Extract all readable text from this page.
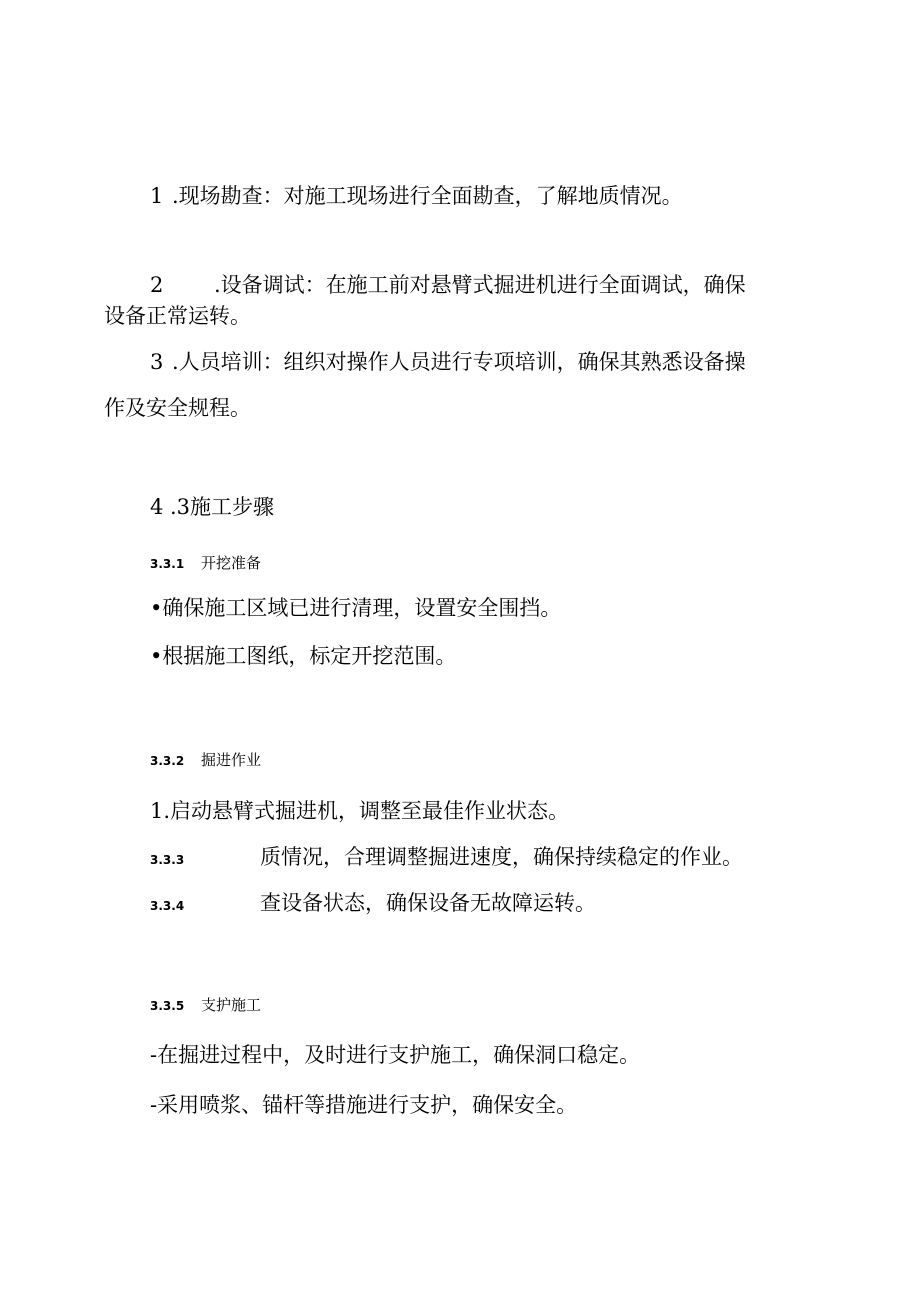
1 .现场勘查：对施工现场进行全面勘查，了解地质情况。
2 .设备调试：在施工前对悬臂式掘进机进行全面调试，确保
设备正常运转。
3 .人员培训：组织对操作人员进行专项培训，确保其熟悉设备操
作及安全规程。
4 .3施工步骤
3.3.1 开挖准备
•确保施工区域已进行清理，设置安全围挡。
•根据施工图纸，标定开挖范围。
3.3.2 掘进作业
1.启动悬臂式掘进机，调整至最佳作业状态。
3.3.3	质情况，合理调整掘进速度，确保持续稳定的作业。
3.3.4	查设备状态，确保设备无故障运转。
3.3.5 支护施工
-在掘进过程中，及时进行支护施工，确保洞口稳定。
-采用喷浆、锚杆等措施进行支护，确保安全。
